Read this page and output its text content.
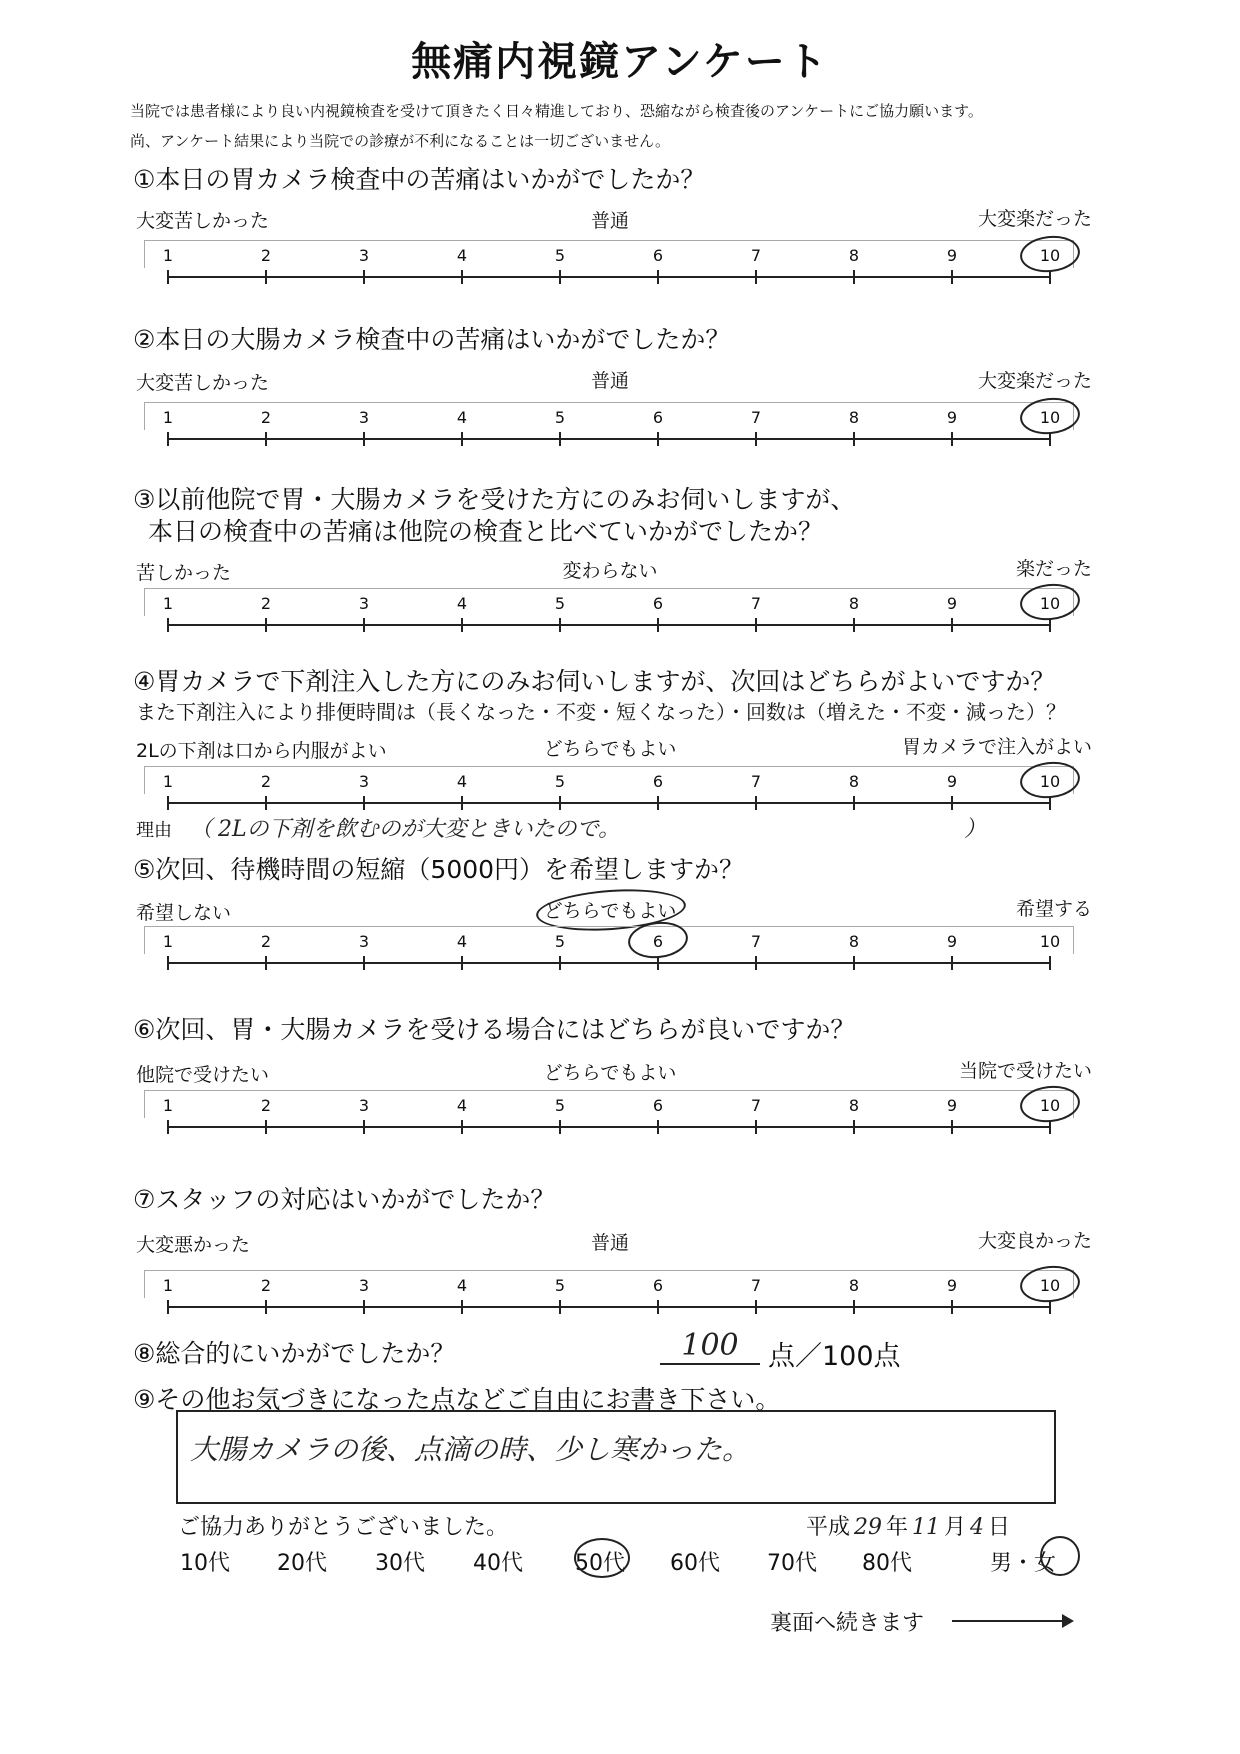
無痛内視鏡アンケート
当院では患者様により良い内視鏡検査を受けて頂きたく日々精進しており、恐縮ながら検査後のアンケートにご協力願います。
尚、アンケート結果により当院での診療が不利になることは一切ございません。
①本日の胃カメラ検査中の苦痛はいかがでしたか？
大変苦しかった	普通	大変楽だった
1	2	3	4	5	6	7	8	9	10
②本日の大腸カメラ検査中の苦痛はいかがでしたか？
大変苦しかった	普通	大変楽だった
1	2	3	4	5	6	7	8	9	10
③以前他院で胃・大腸カメラを受けた方にのみお伺いしますが、
本日の検査中の苦痛は他院の検査と比べていかがでしたか？
苦しかった	変わらない	楽だった
1	2	3	4	5	6	7	8	9	10
④胃カメラで下剤注入した方にのみお伺いしますが、次回はどちらがよいですか？
また下剤注入により排便時間は（長くなった・不変・短くなった）・回数は（増えた・不変・減った）？
2Lの下剤は口から内服がよい	どちらでもよい	胃カメラで注入がよい
1	2	3	4	5	6	7	8	9	10
理由 （ 2Lの下剤を飲むのが大変ときいたので。	）
⑤次回、待機時間の短縮（5000円）を希望しますか？
希望しない	どちらでもよい	希望する
1	2	3	4	5	6	7	8	9	10
⑥次回、胃・大腸カメラを受ける場合にはどちらが良いですか？
他院で受けたい	どちらでもよい	当院で受けたい
1	2	3	4	5	6	7	8	9	10
⑦スタッフの対応はいかがでしたか？
大変悪かった	普通	大変良かった
1	2	3	4	5	6	7	8	9	10
⑧総合的にいかがでしたか？	100	点／100点
⑨その他お気づきになった点などご自由にお書き下さい。
大腸カメラの後、点滴の時、少し寒かった。
ご協力ありがとうございました。	平成 29 年 11 月 4 日
10代 20代 30代 40代 50代 60代 70代 80代	男・女
裏面へ続きます
